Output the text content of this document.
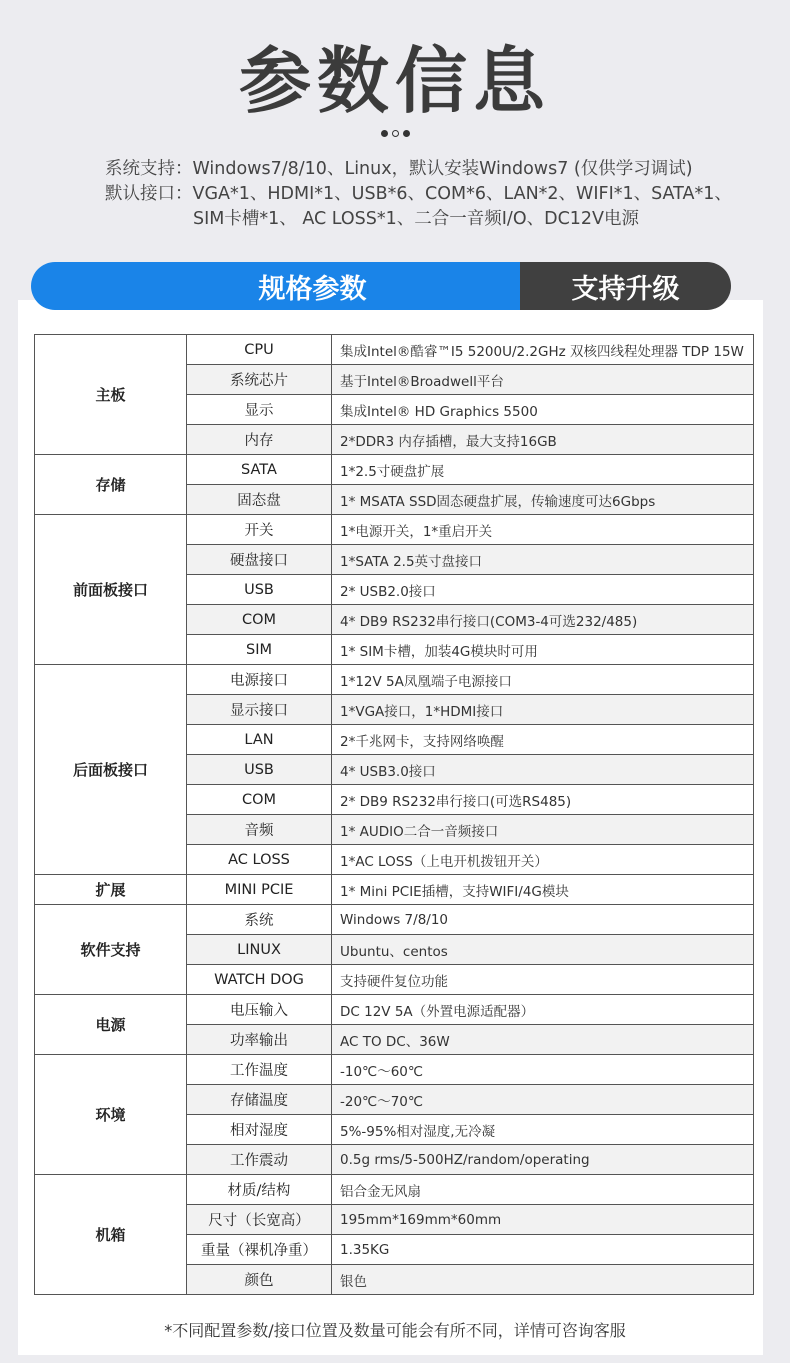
参数信息

系统支持：Windows7/8/10、Linux，默认安装Windows7 (仅供学习调试)
默认接口：VGA*1、HDMI*1、USB*6、COM*6、LAN*2、WIFI*1、SATA*1、
SIM卡槽*1、 AC LOSS*1、二合一音频I/O、DC12V电源
规格参数	支持升级
主板	CPU	集成Intel®酷睿™I5 5200U/2.2GHz 双核四线程处理器 TDP 15W
	系统芯片	基于Intel®Broadwell平台
	显示	集成Intel® HD Graphics 5500
	内存	2*DDR3 内存插槽，最大支持16GB
存储	SATA	1*2.5寸硬盘扩展
	固态盘	1* MSATA SSD固态硬盘扩展，传输速度可达6Gbps
前面板接口	开关	1*电源开关，1*重启开关
	硬盘接口	1*SATA 2.5英寸盘接口
	USB	2* USB2.0接口
	COM	4* DB9 RS232串行接口(COM3-4可选232/485)
	SIM	1* SIM卡槽，加装4G模块时可用
后面板接口	电源接口	1*12V 5A凤凰端子电源接口
	显示接口	1*VGA接口，1*HDMI接口
	LAN	2*千兆网卡，支持网络唤醒
	USB	4* USB3.0接口
	COM	2* DB9 RS232串行接口(可选RS485)
	音频	1* AUDIO二合一音频接口
	AC LOSS	1*AC LOSS（上电开机拨钮开关）
扩展	MINI PCIE	1* Mini PCIE插槽，支持WIFI/4G模块
软件支持	系统	Windows 7/8/10
	LINUX	Ubuntu、centos
	WATCH DOG	支持硬件复位功能
电源	电压输入	DC 12V 5A（外置电源适配器）
	功率输出	AC TO DC、36W
环境	工作温度	-10℃～60℃
	存储温度	-20℃～70℃
	相对湿度	5%-95%相对湿度,无冷凝
	工作震动	0.5g rms/5-500HZ/random/operating
机箱	材质/结构	铝合金无风扇
	尺寸（长宽高）	195mm*169mm*60mm
	重量（裸机净重）	1.35KG
	颜色	银色
*不同配置参数/接口位置及数量可能会有所不同，详情可咨询客服
